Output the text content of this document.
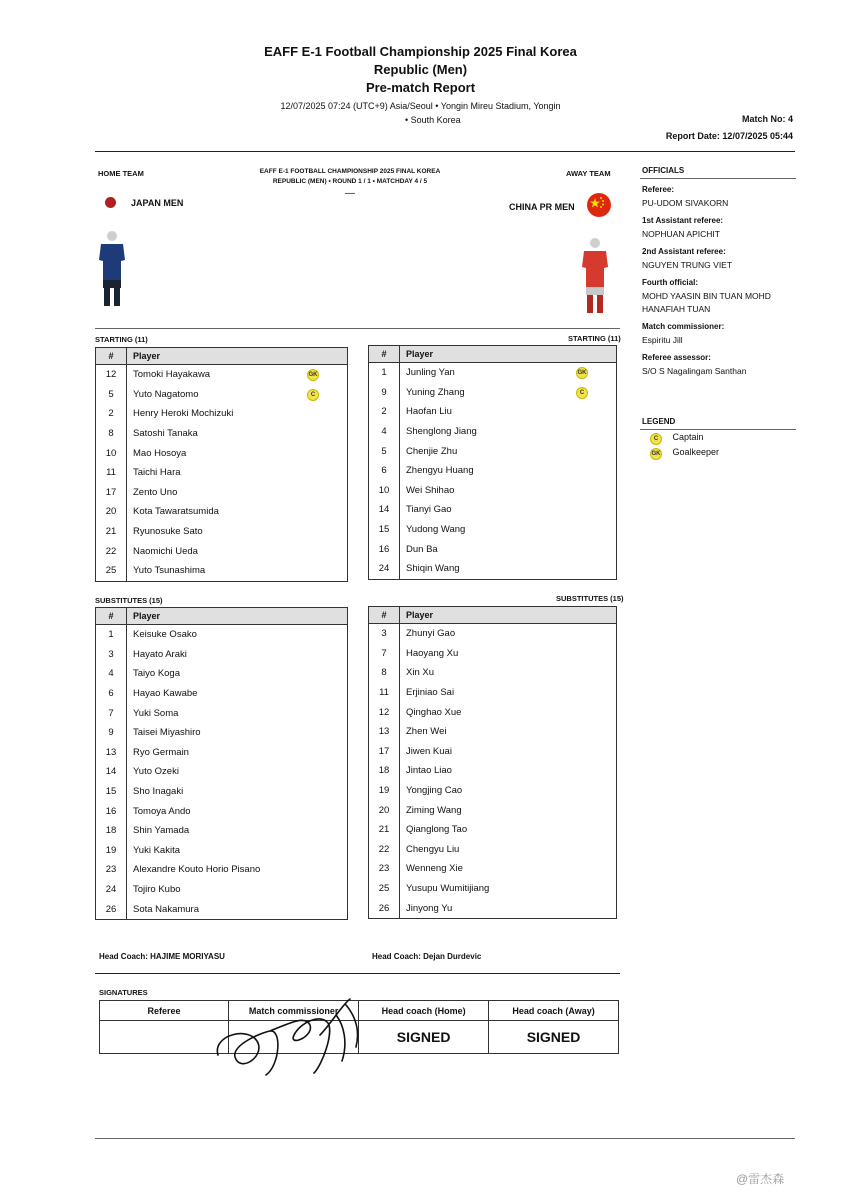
EAFF E-1 Football Championship 2025 Final Korea
Republic (Men)
Pre-match Report
12/07/2025 07:24 (UTC+9) Asia/Seoul • Yongin Mireu Stadium, Yongin
• South Korea	Match No: 4
Report Date: 12/07/2025 05:44
HOME TEAM	AWAY TEAM
EAFF E-1 FOOTBALL CHAMPIONSHIP 2025 FINAL KOREA
REPUBLIC (MEN) • ROUND 1 / 1 • MATCHDAY 4 / 5
—
JAPAN MEN	CHINA PR MEN
STARTING (11)	STARTING (11)
#	Player	
12	Tomoki Hayakawa	GK
5	Yuto Nagatomo	C
2	Henry Heroki Mochizuki	
8	Satoshi Tanaka	
10	Mao Hosoya	
11	Taichi Hara	
17	Zento Uno	
20	Kota Tawaratsumida	
21	Ryunosuke Sato	
22	Naomichi Ueda	
25	Yuto Tsunashima	
#	Player	
1	Junling Yan	GK
9	Yuning Zhang	C
2	Haofan Liu	
4	Shenglong Jiang	
5	Chenjie Zhu	
6	Zhengyu Huang	
10	Wei Shihao	
14	Tianyi Gao	
15	Yudong Wang	
16	Dun Ba	
24	Shiqin Wang	
SUBSTITUTES (15)	SUBSTITUTES (15)
#	Player	
1	Keisuke Osako	
3	Hayato Araki	
4	Taiyo Koga	
6	Hayao Kawabe	
7	Yuki Soma	
9	Taisei Miyashiro	
13	Ryo Germain	
14	Yuto Ozeki	
15	Sho Inagaki	
16	Tomoya Ando	
18	Shin Yamada	
19	Yuki Kakita	
23	Alexandre Kouto Horio Pisano	
24	Tojiro Kubo	
26	Sota Nakamura	
#	Player	
3	Zhunyi Gao	
7	Haoyang Xu	
8	Xin Xu	
11	Erjiniao Sai	
12	Qinghao Xue	
13	Zhen Wei	
17	Jiwen Kuai	
18	Jintao Liao	
19	Yongjing Cao	
20	Ziming Wang	
21	Qianglong Tao	
22	Chengyu Liu	
23	Wenneng Xie	
25	Yusupu Wumitijiang	
26	Jinyong Yu	
Head Coach: HAJIME MORIYASU	Head Coach: Dejan Durdevic
SIGNATURES
Referee	Match commissioner	Head coach (Home)	Head coach (Away)
		SIGNED	SIGNED
OFFICIALS
Referee:
PU-UDOM SIVAKORN
1st Assistant referee:
NOPHUAN APICHIT
2nd Assistant referee:
NGUYEN TRUNG VIET
Fourth official:
MOHD YAASIN BIN TUAN MOHD HANAFIAH TUAN
Match commissioner:
Espiritu Jill
Referee assessor:
S/O S Nagalingam Santhan
LEGEND
C Captain
GK Goalkeeper
@雷杰森
